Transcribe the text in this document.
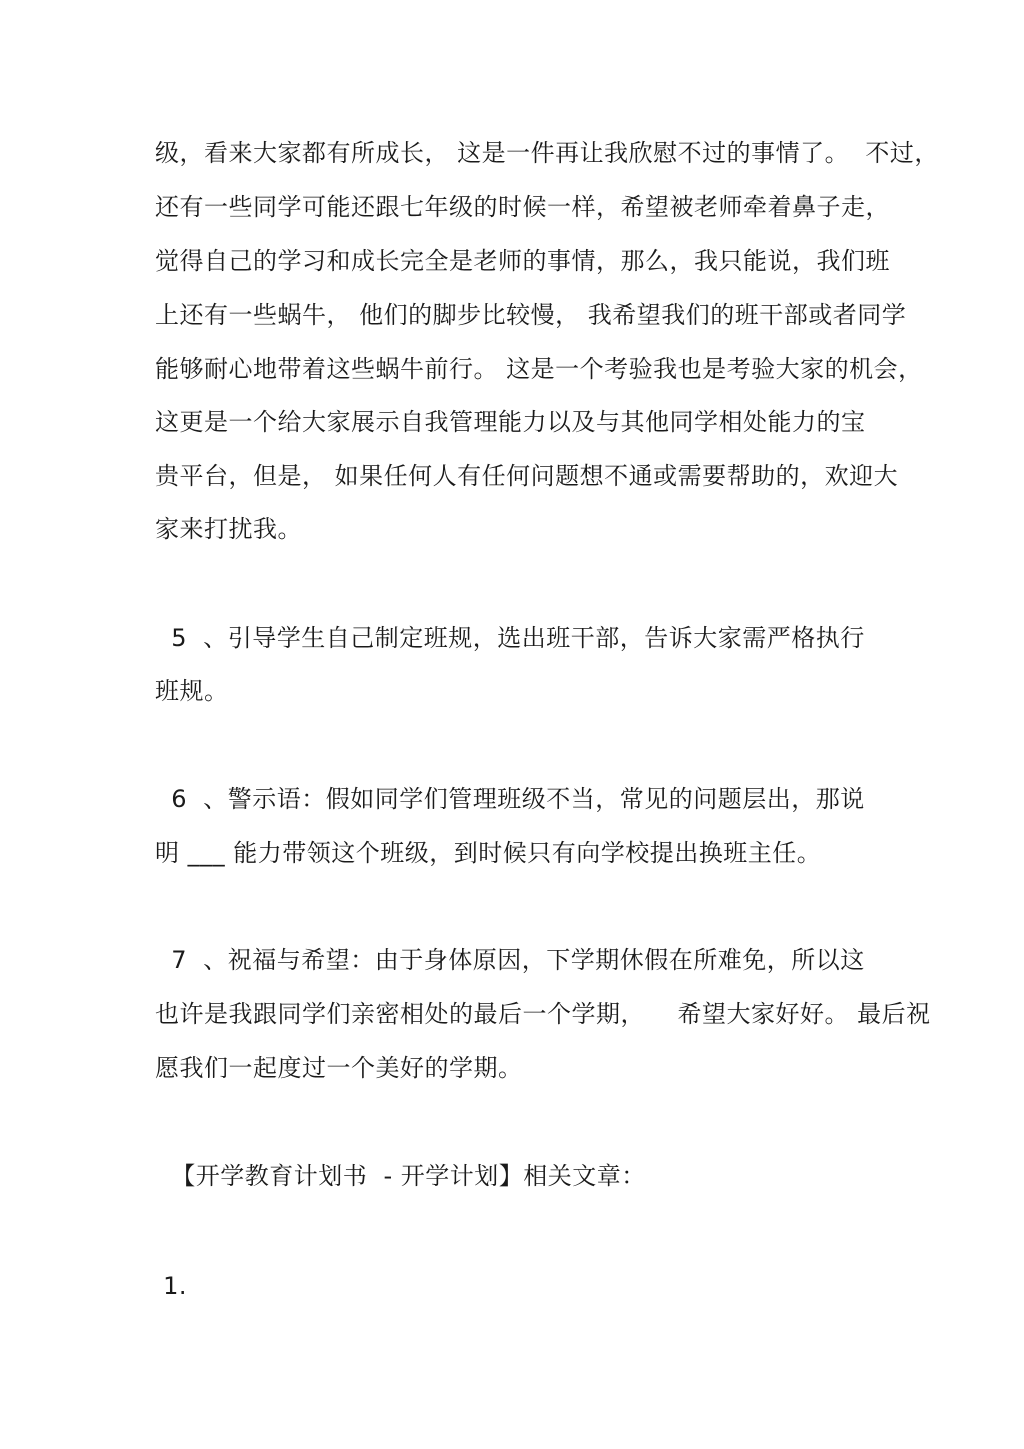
级，看来大家都有所成长， 这是一件再让我欣慰不过的事情了。  不过，
还有一些同学可能还跟七年级的时候一样，希望被老师牵着鼻子走，
觉得自己的学习和成长完全是老师的事情，那么，我只能说，我们班
上还有一些蜗牛， 他们的脚步比较慢， 我希望我们的班干部或者同学
能够耐心地带着这些蜗牛前行。 这是一个考验我也是考验大家的机会，
这更是一个给大家展示自我管理能力以及与其他同学相处能力的宝
贵平台，但是， 如果任何人有任何问题想不通或需要帮助的，欢迎大
家来打扰我。
5  、引导学生自己制定班规，选出班干部，告诉大家需严格执行
班规。
6  、警示语：假如同学们管理班级不当，常见的问题层出，那说
明 ___ 能力带领这个班级，到时候只有向学校提出换班主任。
7  、祝福与希望：由于身体原因，下学期休假在所难免，所以这
也许是我跟同学们亲密相处的最后一个学期，    希望大家好好。 最后祝
愿我们一起度过一个美好的学期。
【开学教育计划书  - 开学计划】相关文章：
1.
